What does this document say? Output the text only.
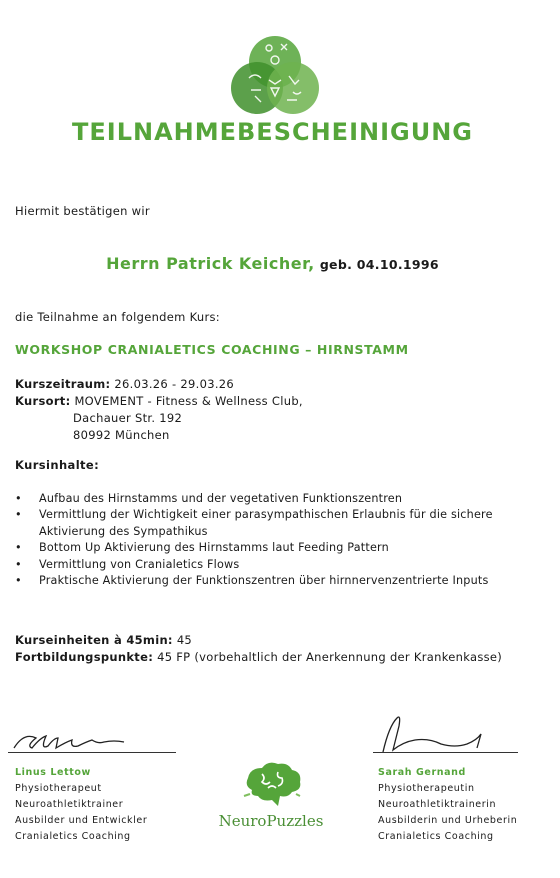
TEILNAHMEBESCHEINIGUNG
Hiermit bestätigen wir
Herrn Patrick Keicher, geb. 04.10.1996
die Teilnahme an folgendem Kurs:
WORKSHOP CRANIALETICS COACHING – HIRNSTAMM
Kurszeitraum: 26.03.26 - 29.03.26
Kursort: MOVEMENT - Fitness & Wellness Club,
Dachauer Str. 192
80992 München
Kursinhalte:
• Aufbau des Hirnstamms und der vegetativen Funktionszentren
• Vermittlung der Wichtigkeit einer parasympathischen Erlaubnis für die sichere Aktivierung des Sympathikus
• Bottom Up Aktivierung des Hirnstamms laut Feeding Pattern
• Vermittlung von Cranialetics Flows
• Praktische Aktivierung der Funktionszentren über hirnnervenzentrierte Inputs
Kurseinheiten à 45min: 45
Fortbildungspunkte: 45 FP (vorbehaltlich der Anerkennung der Krankenkasse)
Linus Lettow
Physiotherapeut
Neuroathletiktrainer
Ausbilder und Entwickler
Cranialetics Coaching
Sarah Gernand
Physiotherapeutin
Neuroathletiktrainerin
Ausbilderin und Urheberin
Cranialetics Coaching
NeuroPuzzles
